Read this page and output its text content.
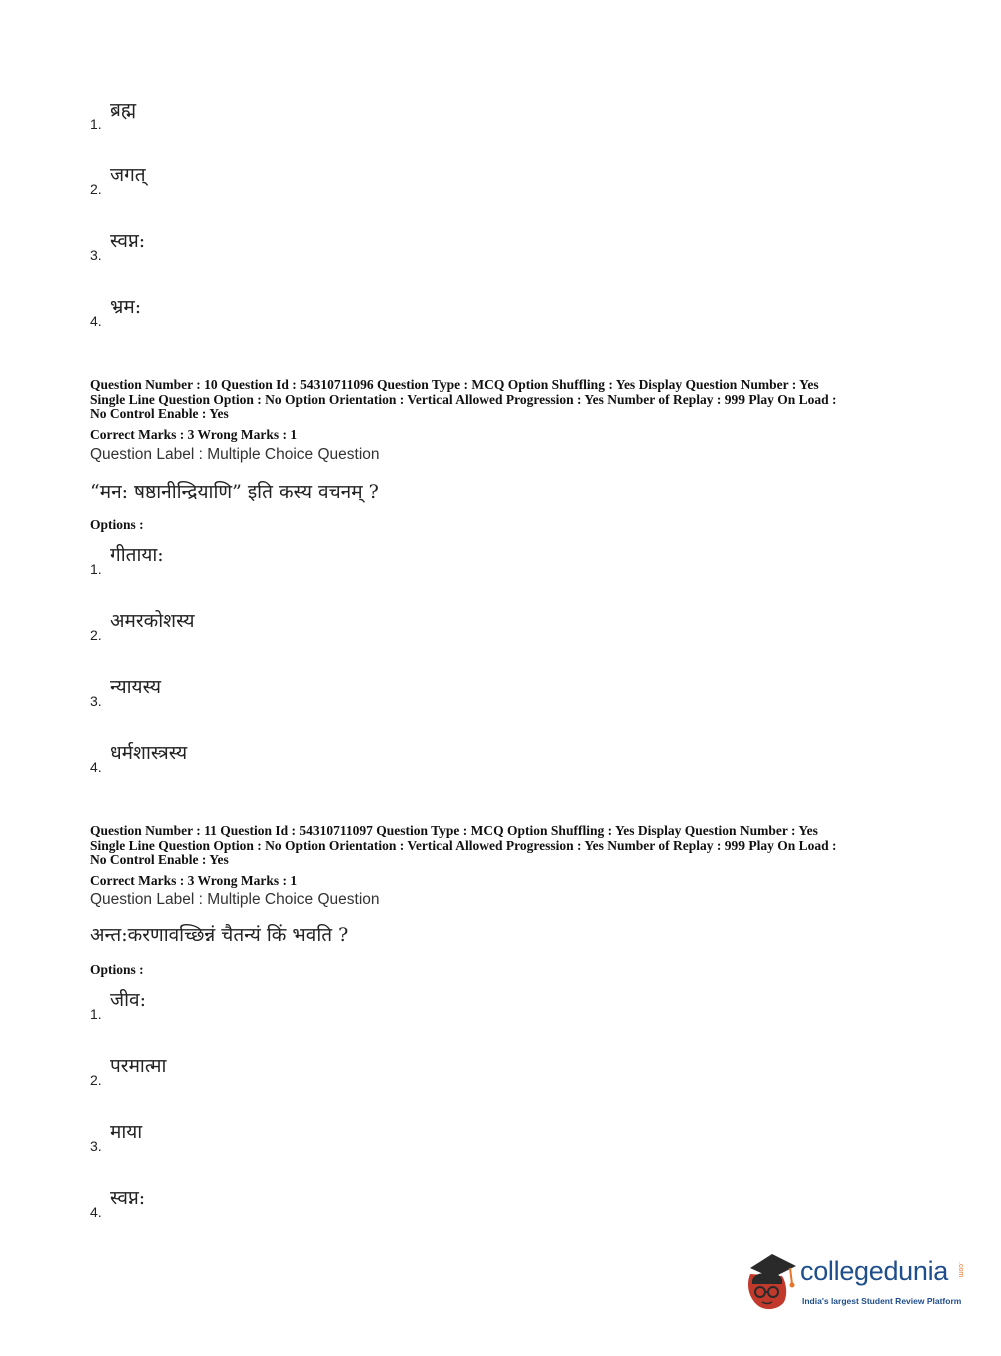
1.
ब्रह्म
2.
जगत्
3.
स्वप्न:
4.
भ्रम:
Question Number : 10 Question Id : 54310711096 Question Type : MCQ Option Shuffling : Yes Display Question Number : Yes
Single Line Question Option : No Option Orientation : Vertical Allowed Progression : Yes Number of Replay : 999 Play On Load :
No Control Enable : Yes
Correct Marks : 3 Wrong Marks : 1
Question Label : Multiple Choice Question
“मन: षष्ठानीन्द्रियाणि” इति कस्य वचनम् ?
Options :
1.
गीताया:
2.
अमरकोशस्य
3.
न्यायस्य
4.
धर्मशास्त्रस्य
Question Number : 11 Question Id : 54310711097 Question Type : MCQ Option Shuffling : Yes Display Question Number : Yes
Single Line Question Option : No Option Orientation : Vertical Allowed Progression : Yes Number of Replay : 999 Play On Load :
No Control Enable : Yes
Correct Marks : 3 Wrong Marks : 1
Question Label : Multiple Choice Question
अन्त:करणावच्छिन्नं चैतन्यं किं भवति ?
Options :
1.
जीव:
2.
परमात्मा
3.
माया
4.
स्वप्न:
collegedunia .com
India's largest Student Review Platform
